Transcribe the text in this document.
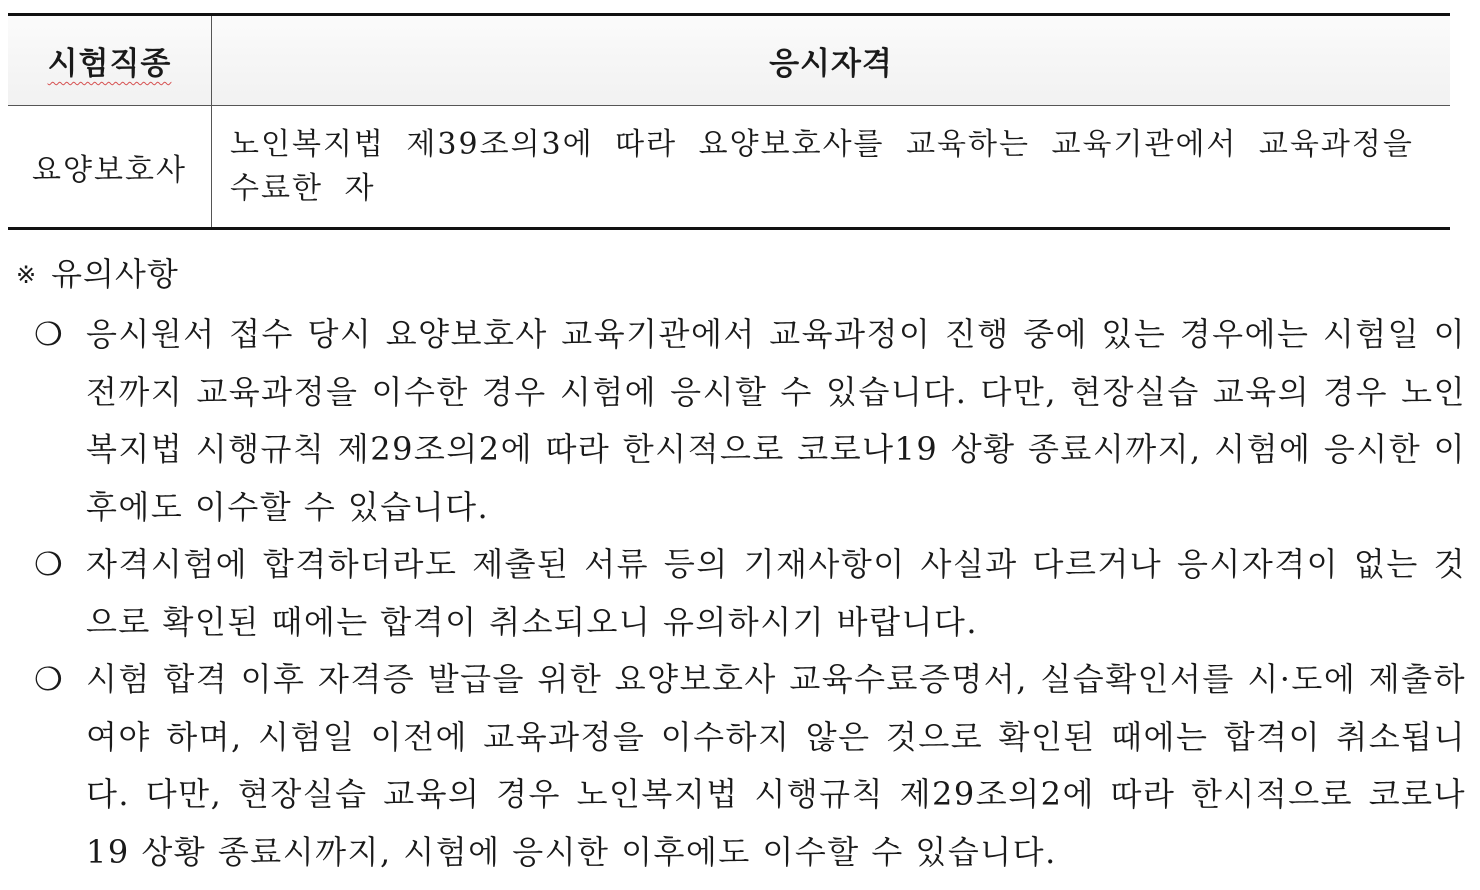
시험직종	응시자격
요양보호사	노인복지법 제39조의3에 따라 요양보호사를 교육하는 교육기관에서 교육과정을 수료한 자
※ 유의사항
❍ 응시원서 접수 당시 요양보호사 교육기관에서 교육과정이 진행 중에 있는 경우에는 시험일 이전까지 교육과정을 이수한 경우 시험에 응시할 수 있습니다. 다만, 현장실습 교육의 경우 노인복지법 시행규칙 제29조의2에 따라 한시적으로 코로나19 상황 종료시까지, 시험에 응시한 이후에도 이수할 수 있습니다.
❍ 자격시험에 합격하더라도 제출된 서류 등의 기재사항이 사실과 다르거나 응시자격이 없는 것으로 확인된 때에는 합격이 취소되오니 유의하시기 바랍니다.
❍ 시험 합격 이후 자격증 발급을 위한 요양보호사 교육수료증명서, 실습확인서를 시·도에 제출하여야 하며, 시험일 이전에 교육과정을 이수하지 않은 것으로 확인된 때에는 합격이 취소됩니다. 다만, 현장실습 교육의 경우 노인복지법 시행규칙 제29조의2에 따라 한시적으로 코로나19 상황 종료시까지, 시험에 응시한 이후에도 이수할 수 있습니다.
